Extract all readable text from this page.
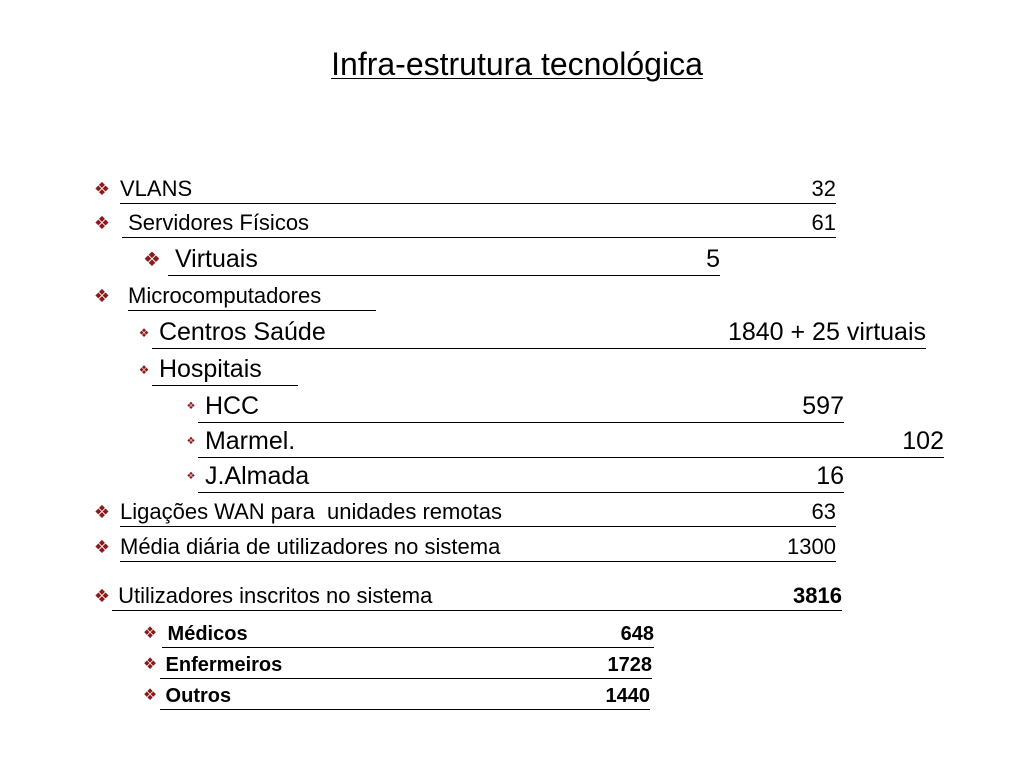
Infra-estrutura tecnológica
❖ VLANS	32
❖ Servidores Físicos	61
❖ Virtuais	5
❖ Microcomputadores
❖ Centros Saúde	1840 + 25 virtuais
❖ Hospitais
❖ HCC	597
❖ Marmel.	102
❖ J.Almada	16
❖ Ligações WAN para  unidades remotas	63
❖ Média diária de utilizadores no sistema	1300
❖ Utilizadores inscritos no sistema	3816
❖ Médicos	648
❖ Enfermeiros	1728
❖ Outros	1440
